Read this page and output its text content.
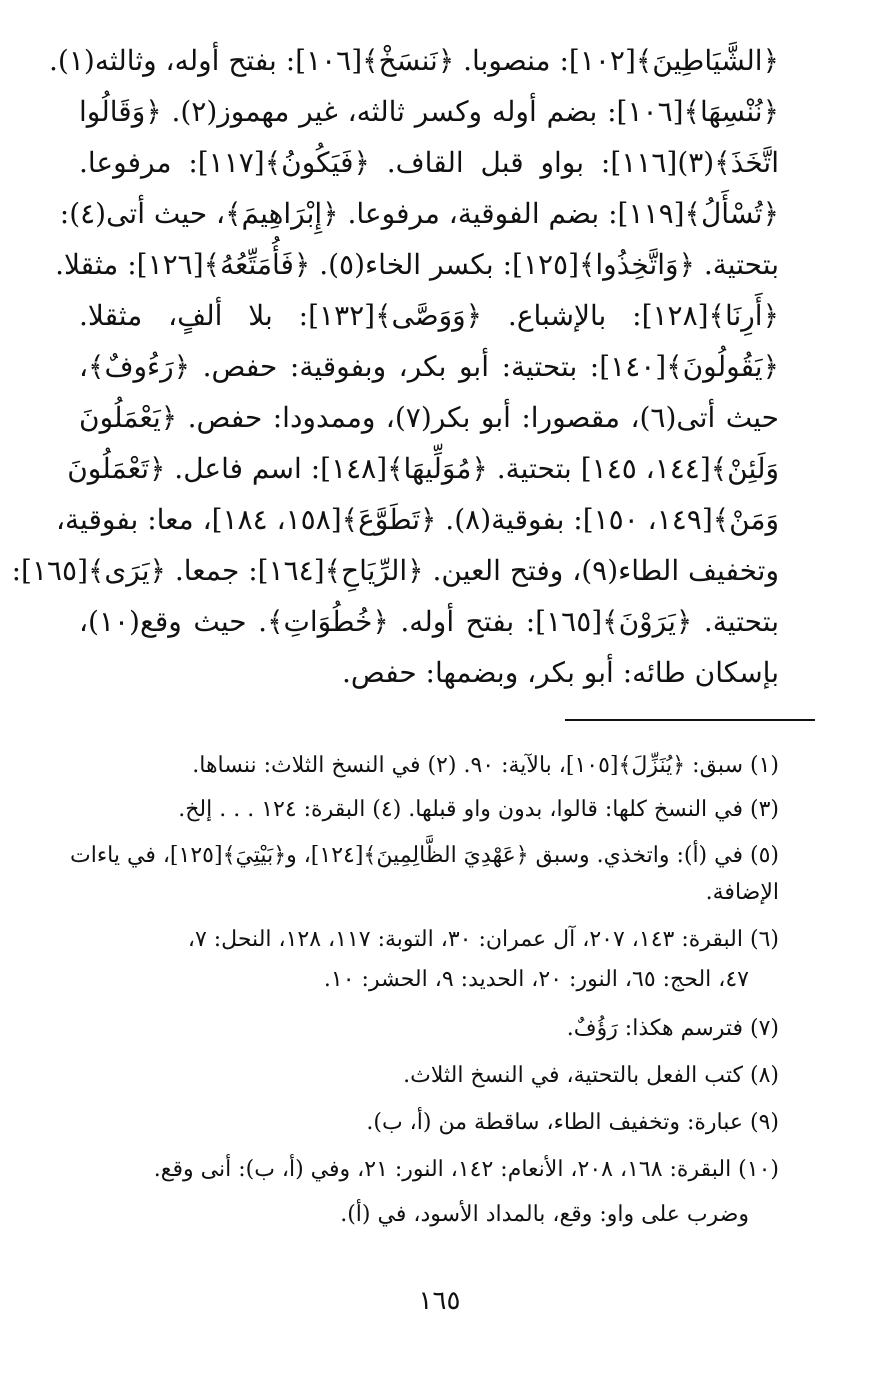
﴿الشَّيَاطِينَ﴾[١٠٢]: منصوبا. ﴿نَنسَخْ﴾[١٠٦]: بفتح أوله، وثالثه(١).
﴿نُنْسِهَا﴾[١٠٦]: بضم أوله وكسر ثالثه، غير مهموز(٢). ﴿وَقَالُوا
اتَّخَذَ﴾(٣)[١١٦]: بواو قبل القاف. ﴿فَيَكُونُ﴾[١١٧]: مرفوعا.
﴿تُسْأَلُ﴾[١١٩]: بضم الفوقية، مرفوعا. ﴿إِبْرَاهِيمَ﴾، حيث أتى(٤):
بتحتية. ﴿وَاتَّخِذُوا﴾[١٢٥]: بكسر الخاء(٥). ﴿فَأُمَتِّعُهُ﴾[١٢٦]: مثقلا.
﴿أَرِنَا﴾[١٢٨]: بالإشباع. ﴿وَوَصَّى﴾[١٣٢]: بلا ألفٍ، مثقلا.
﴿يَقُولُونَ﴾[١٤٠]: بتحتية: أبو بكر، وبفوقية: حفص. ﴿رَءُوفٌ﴾،
حيث أتى(٦)، مقصورا: أبو بكر(٧)، وممدودا: حفص. ﴿يَعْمَلُونَ
وَلَئِنْ﴾[١٤٤، ١٤٥] بتحتية. ﴿مُوَلِّيهَا﴾[١٤٨]: اسم فاعل. ﴿تَعْمَلُونَ
وَمَنْ﴾[١٤٩، ١٥٠]: بفوقية(٨). ﴿تَطَوَّعَ﴾[١٥٨، ١٨٤]، معا: بفوقية،
وتخفيف الطاء(٩)، وفتح العين. ﴿الرِّيَاحِ﴾[١٦٤]: جمعا. ﴿يَرَى﴾[١٦٥]:
بتحتية. ﴿يَرَوْنَ﴾[١٦٥]: بفتح أوله. ﴿خُطُوَاتِ﴾. حيث وقع(١٠)،
بإسكان طائه: أبو بكر، وبضمها: حفص.
(١) سبق: ﴿يُنَزِّلَ﴾[١٠٥]، بالآية: ٩٠. (٢) في النسخ الثلاث: ننساها.
(٣) في النسخ كلها: قالوا، بدون واو قبلها. (٤) البقرة: ١٢٤ . . . إلخ.
(٥) في (أ): واتخذي. وسبق ﴿عَهْدِيَ الظَّالِمِينَ﴾[١٢٤]، و﴿بَيْتِيَ﴾[١٢٥]، في ياءات
الإضافة.
(٦) البقرة: ١٤٣، ٢٠٧، آل عمران: ٣٠، التوبة: ١١٧، ١٢٨، النحل: ٧،
٤٧، الحج: ٦٥، النور: ٢٠، الحديد: ٩، الحشر: ١٠.
(٧) فترسم هكذا: رَؤُفٌ.
(٨) كتب الفعل بالتحتية، في النسخ الثلاث.
(٩) عبارة: وتخفيف الطاء، ساقطة من (أ، ب).
(١٠) البقرة: ١٦٨، ٢٠٨، الأنعام: ١٤٢، النور: ٢١، وفي (أ، ب): أنى وقع.
وضرب على واو: وقع، بالمداد الأسود، في (أ).
١٦٥
